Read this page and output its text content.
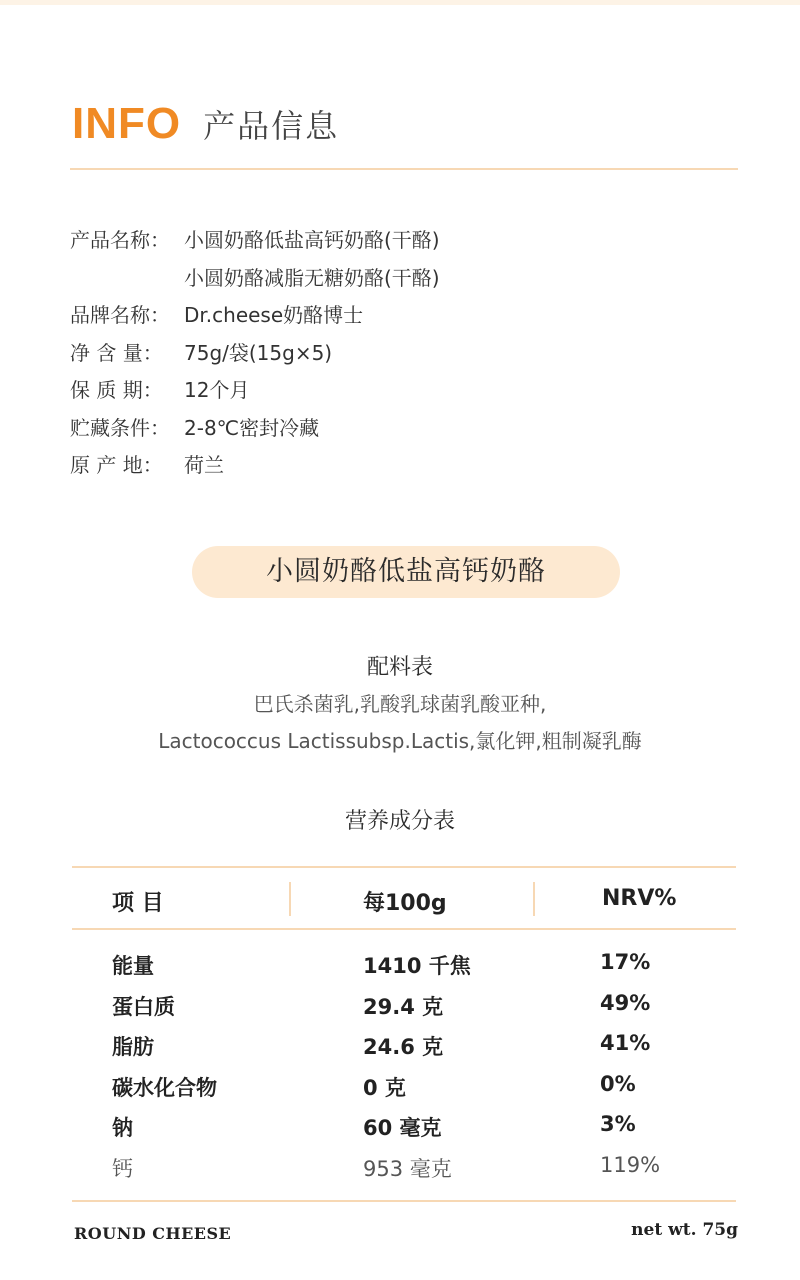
INFO 产品信息
产品名称： 小圆奶酪低盐高钙奶酪(干酪)
小圆奶酪减脂无糖奶酪(干酪)
品牌名称： Dr.cheese奶酪博士
净 含 量：	75g/袋(15g×5)
保 质 期：	12个月
贮藏条件： 2-8℃密封冷藏
原 产 地：	荷兰
小圆奶酪低盐高钙奶酪
配料表
巴氏杀菌乳,乳酸乳球菌乳酸亚种,
Lactococcus Lactissubsp.Lactis,氯化钾,粗制凝乳酶
营养成分表
项 目	每100g	NRV%
能量	1410 千焦	17%
蛋白质	29.4 克	49%
脂肪	24.6 克	41%
碳水化合物	0 克	0%
钠	60 毫克	3%
钙	953 毫克	119%
ROUND CHEESE	net wt. 75g
